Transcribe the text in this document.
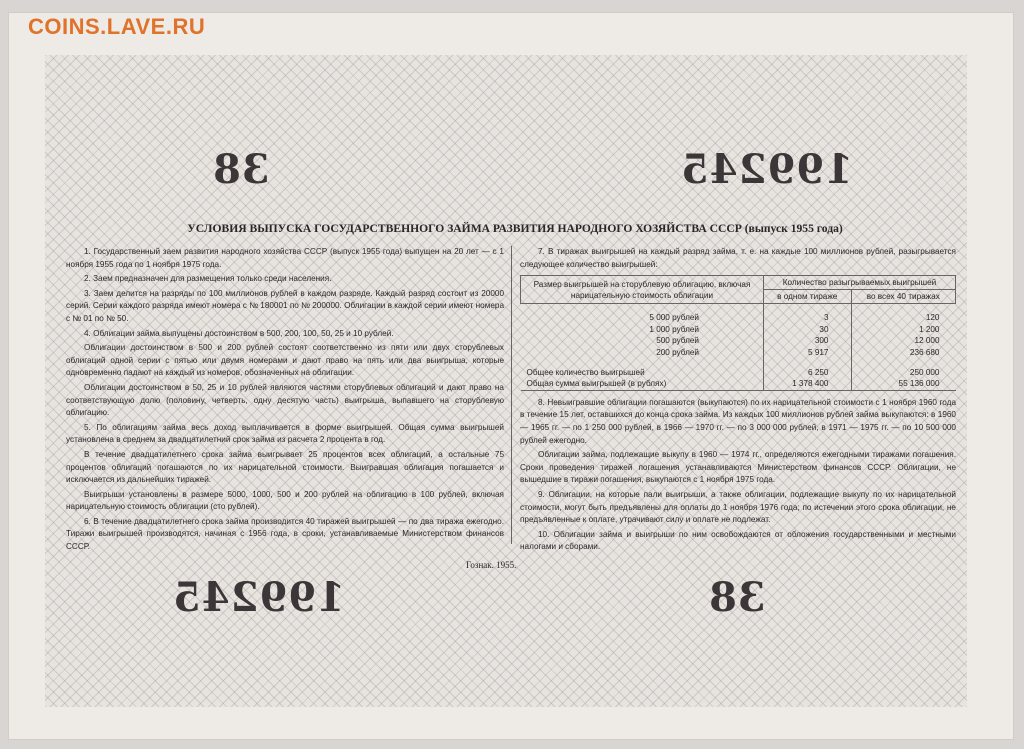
COINS.LAVE.RU
38	199245
199245	38
УСЛОВИЯ ВЫПУСКА ГОСУДАРСТВЕННОГО ЗАЙМА РАЗВИТИЯ НАРОДНОГО ХОЗЯЙСТВА СССР (выпуск 1955 года)

1. Государственный заем развития народного хозяйства СССР (выпуск 1955 года) выпущен на 20 лет — с 1 ноября 1955 года по 1 ноября 1975 года.

2. Заем предназначен для размещения только среди населения.

3. Заем делится на разряды по 100 миллионов рублей в каждом разряде. Каждый разряд состоит из 20000 серий. Серии каждого разряда имеют номера с № 180001 по № 200000. Облигации в каждой серии имеют номера с № 01 по № 50.

4. Облигации займа выпущены достоинством в 500, 200, 100, 50, 25 и 10 рублей.

Облигации достоинством в 500 и 200 рублей состоят соответственно из пяти или двух сторублевых облигаций одной серии с пятью или двумя номерами и дают право на пять или два выигрыша, которые одновременно падают на каждый из номеров, обозначенных на облигации.

Облигации достоинством в 50, 25 и 10 рублей являются частями сторублевых облигаций и дают право на соответствующую долю (половину, четверть, одну десятую часть) выигрыша, выпавшего на сторублевую облигацию.

5. По облигациям займа весь доход выплачивается в форме выигрышей. Общая сумма выигрышей установлена в среднем за двадцатилетний срок займа из расчета 2 процента в год.

В течение двадцатилетнего срока займа выигрывает 25 процентов всех облигаций, а остальные 75 процентов облигаций погашаются по их нарицательной стоимости. Выигравшая облигация погашается и исключается из дальнейших тиражей.

Выигрыши установлены в размере 5000, 1000, 500 и 200 рублей на облигацию в 100 рублей, включая нарицательную стоимость облигации (сто рублей).

6. В течение двадцатилетнего срока займа производится 40 тиражей выигрышей — по два тиража ежегодно. Тиражи выигрышей производятся, начиная с 1956 года, в сроки, устанавливаемые Министерством финансов СССР.

7. В тиражах выигрышей на каждый разряд займа, т. е. на каждые 100 миллионов рублей, разыгрывается следующее количество выигрышей:

Размер выигрышей на сторублевую облигацию, включая нарицательную стоимость облигации	Количество разыгрываемых выигрышей	
	в одном тираже	во всех 40 тиражах
5 000 рублей	3	120
1 000 рублей	30	1 200
500 рублей	300	12 000
200 рублей	5 917	236 680

Общее количество выигрышей	6 250	250 000
Общая сумма выигрышей (в рублях)	1 378 400	55 136 000

8. Невыигравшие облигации погашаются (выкупаются) по их нарицательной стоимости с 1 ноября 1960 года в течение 15 лет, оставшихся до конца срока займа. Из каждых 100 миллионов рублей займа выкупаются: в 1960 — 1965 гг. — по 1 250 000 рублей, в 1966 — 1970 гг. — по 3 000 000 рублей, в 1971 — 1975 гг. — по 10 500 000 рублей ежегодно.

Облигации займа, подлежащие выкупу в 1960 — 1974 гг., определяются ежегодными тиражами погашения. Сроки проведения тиражей погашения устанавливаются Министерством финансов СССР. Облигации, не вышедшие в тиражи погашения, выкупаются с 1 ноября 1975 года.

9. Облигации, на которые пали выигрыши, а также облигации, подлежащие выкупу по их нарицательной стоимости, могут быть предъявлены для оплаты до 1 ноября 1976 года; по истечении этого срока облигации, не предъявленные к оплате, утрачивают силу и оплате не подлежат.

10. Облигации займа и выигрыши по ним освобождаются от обложения государственными и местными налогами и сборами.

Гознак. 1955.
